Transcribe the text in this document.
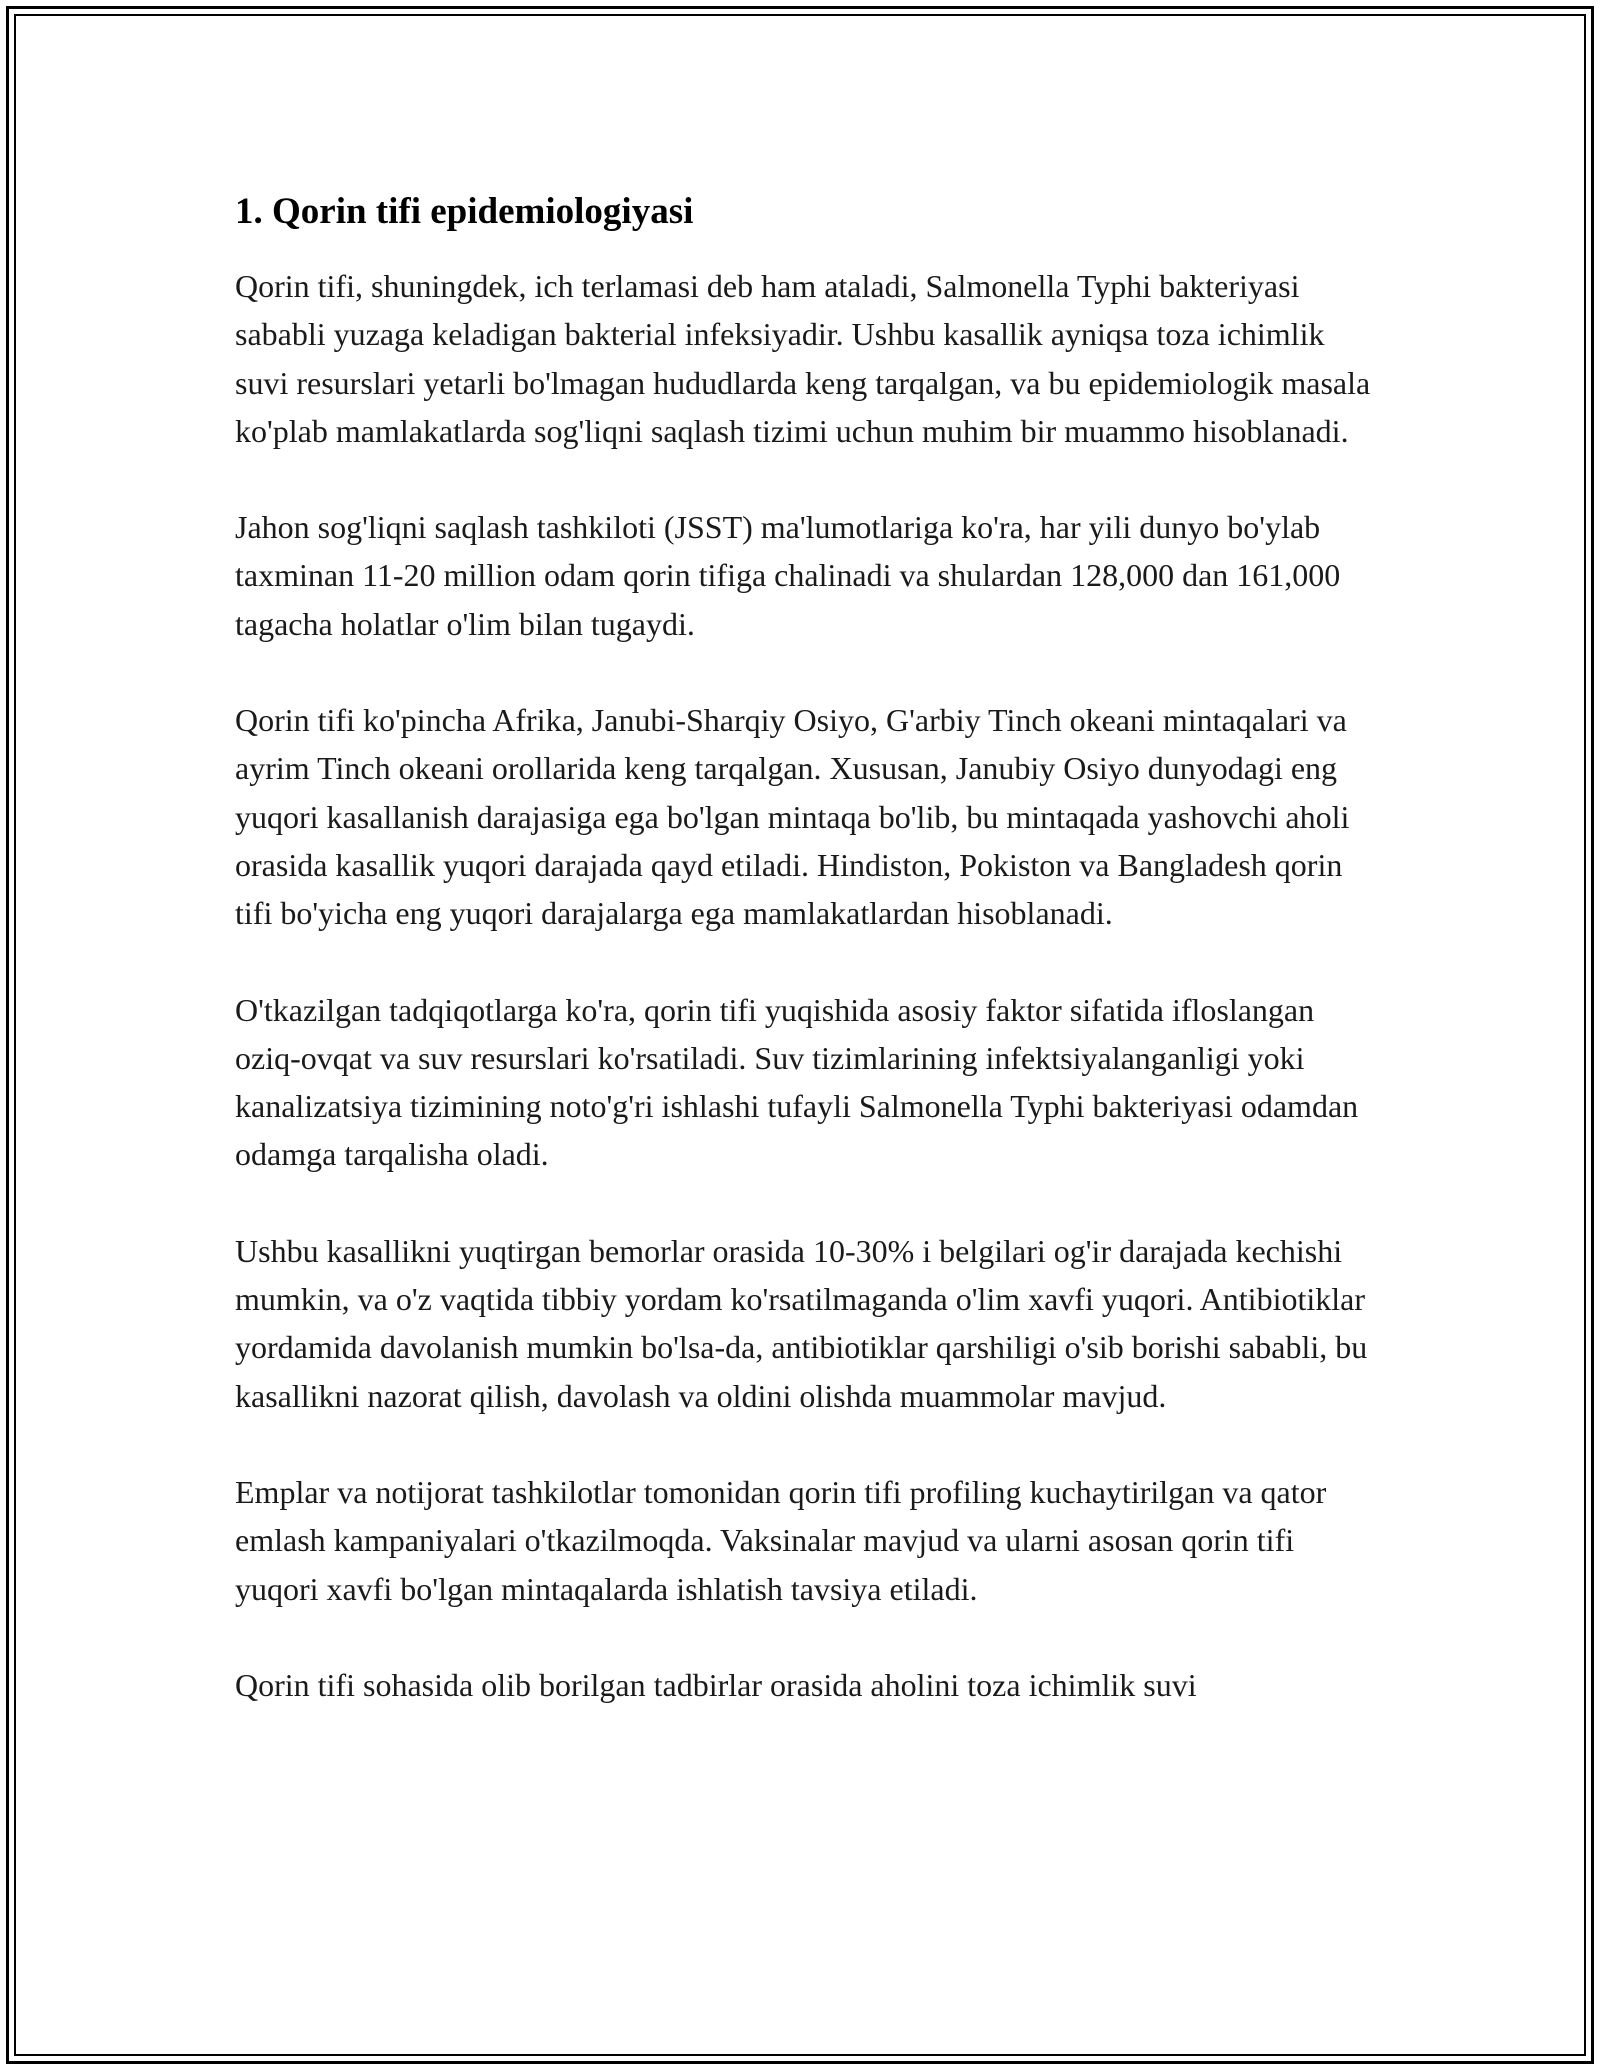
1. Qorin tifi epidemiologiyasi

Qorin tifi, shuningdek, ich terlamasi deb ham ataladi, Salmonella Typhi bakteriyasi sababli yuzaga keladigan bakterial infeksiyadir. Ushbu kasallik ayniqsa toza ichimlik suvi resurslari yetarli bo'lmagan hududlarda keng tarqalgan, va bu epidemiologik masala ko'plab mamlakatlarda sog'liqni saqlash tizimi uchun muhim bir muammo hisoblanadi.

Jahon sog'liqni saqlash tashkiloti (JSST) ma'lumotlariga ko'ra, har yili dunyo bo'ylab taxminan 11-20 million odam qorin tifiga chalinadi va shulardan 128,000 dan 161,000 tagacha holatlar o'lim bilan tugaydi.

Qorin tifi ko'pincha Afrika, Janubi-Sharqiy Osiyo, G'arbiy Tinch okeani mintaqalari va ayrim Tinch okeani orollarida keng tarqalgan. Xususan, Janubiy Osiyo dunyodagi eng yuqori kasallanish darajasiga ega bo'lgan mintaqa bo'lib, bu mintaqada yashovchi aholi orasida kasallik yuqori darajada qayd etiladi. Hindiston, Pokiston va Bangladesh qorin tifi bo'yicha eng yuqori darajalarga ega mamlakatlardan hisoblanadi.

O'tkazilgan tadqiqotlarga ko'ra, qorin tifi yuqishida asosiy faktor sifatida ifloslangan oziq-ovqat va suv resurslari ko'rsatiladi. Suv tizimlarining infektsiyalanganligi yoki kanalizatsiya tizimining noto'g'ri ishlashi tufayli Salmonella Typhi bakteriyasi odamdan odamga tarqalisha oladi.

Ushbu kasallikni yuqtirgan bemorlar orasida 10-30% i belgilari og'ir darajada kechishi mumkin, va o'z vaqtida tibbiy yordam ko'rsatilmaganda o'lim xavfi yuqori. Antibiotiklar yordamida davolanish mumkin bo'lsa-da, antibiotiklar qarshiligi o'sib borishi sababli, bu kasallikni nazorat qilish, davolash va oldini olishda muammolar mavjud.

Emplar va notijorat tashkilotlar tomonidan qorin tifi profiling kuchaytirilgan va qator emlash kampaniyalari o'tkazilmoqda. Vaksinalar mavjud va ularni asosan qorin tifi yuqori xavfi bo'lgan mintaqalarda ishlatish tavsiya etiladi.

Qorin tifi sohasida olib borilgan tadbirlar orasida aholini toza ichimlik suvi
